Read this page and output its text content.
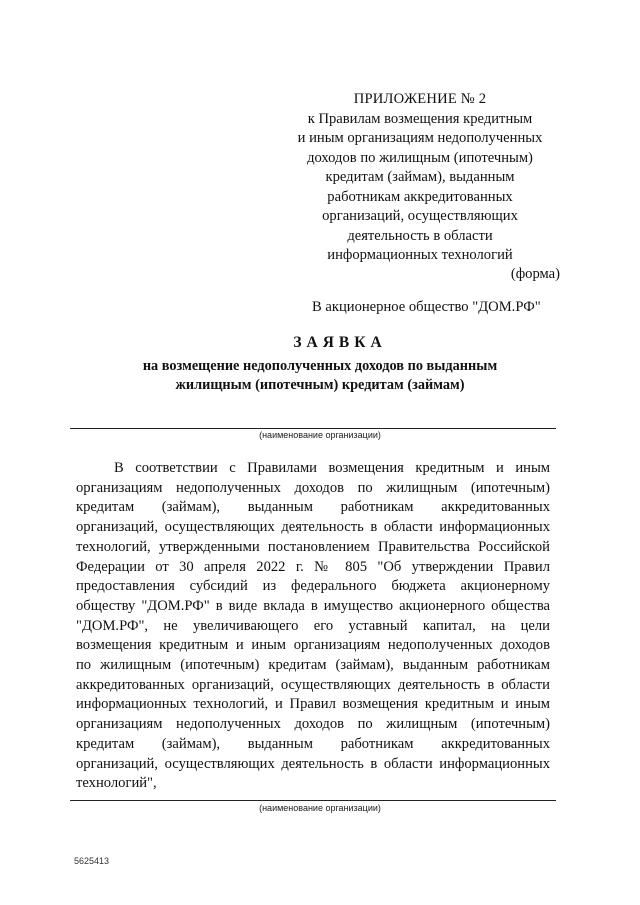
ПРИЛОЖЕНИЕ № 2
к Правилам возмещения кредитным
и иным организациям недополученных
доходов по жилищным (ипотечным)
кредитам (займам), выданным
работникам аккредитованных
организаций, осуществляющих
деятельность в области
информационных технологий
(форма)
В акционерное общество "ДОМ.РФ"
ЗАЯВКА
на возмещение недополученных доходов по выданным
жилищным (ипотечным) кредитам (займам)
(наименование организации)
В соответствии с Правилами возмещения кредитным и иным
организациям недополученных доходов по жилищным (ипотечным)
кредитам (займам), выданным работникам аккредитованных
организаций, осуществляющих деятельность в области информационных
технологий, утвержденными постановлением Правительства Российской
Федерации от 30 апреля 2022 г. № 805 "Об утверждении Правил
предоставления субсидий из федерального бюджета акционерному
обществу "ДОМ.РФ" в виде вклада в имущество акционерного общества
"ДОМ.РФ", не увеличивающего его уставный капитал, на цели
возмещения кредитным и иным организациям недополученных доходов
по жилищным (ипотечным) кредитам (займам), выданным работникам
аккредитованных организаций, осуществляющих деятельность в области
информационных технологий, и Правил возмещения кредитным и иным
организациям недополученных доходов по жилищным (ипотечным)
кредитам (займам), выданным работникам аккредитованных
организаций, осуществляющих деятельность в области информационных
технологий",
(наименование организации)
5625413
